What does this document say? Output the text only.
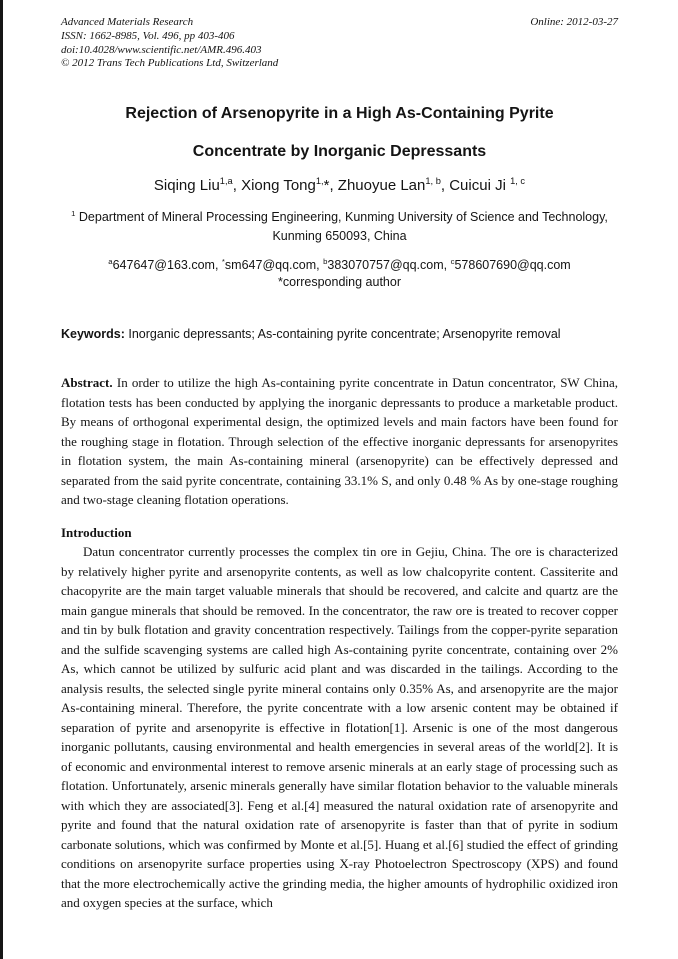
Advanced Materials Research
ISSN: 1662-8985, Vol. 496, pp 403-406
doi:10.4028/www.scientific.net/AMR.496.403
© 2012 Trans Tech Publications Ltd, Switzerland
Online: 2012-03-27
Rejection of Arsenopyrite in a High As-Containing Pyrite
Concentrate by Inorganic Depressants
Siqing Liu$^{1,a}$, Xiong Tong$^{1,}$*, Zhuoyue Lan$^{1, b}$, Cuicui Ji $^{1, c}$
$^1$ Department of Mineral Processing Engineering, Kunming University of Science and Technology,
Kunming 650093, China
$^a$647647@163.com, *sm647@qq.com, $^b$383070757@qq.com, $^c$578607690@qq.com
*corresponding author
Keywords: Inorganic depressants; As-containing pyrite concentrate; Arsenopyrite removal

Abstract. In order to utilize the high As-containing pyrite concentrate in Datun concentrator, SW China, flotation tests has been conducted by applying the inorganic depressants to produce a marketable product. By means of orthogonal experimental design, the optimized levels and main factors have been found for the roughing stage in flotation. Through selection of the effective inorganic depressants for arsenopyrites in flotation system, the main As-containing mineral (arsenopyrite) can be effectively depressed and separated from the said pyrite concentrate, containing 33.1% S, and only 0.48 % As by one-stage roughing and two-stage cleaning flotation operations.

Introduction

Datun concentrator currently processes the complex tin ore in Gejiu, China. The ore is characterized by relatively higher pyrite and arsenopyrite contents, as well as low chalcopyrite content. Cassiterite and chacopyrite are the main target valuable minerals that should be recovered, and calcite and quartz are the main gangue minerals that should be removed. In the concentrator, the raw ore is treated to recover copper and tin by bulk flotation and gravity concentration respectively. Tailings from the copper-pyrite separation and the sulfide scavenging systems are called high As-containing pyrite concentrate, containing over 2% As, which cannot be utilized by sulfuric acid plant and was discarded in the tailings. According to the analysis results, the selected single pyrite mineral contains only 0.35% As, and arsenopyrite are the major As-containing mineral. Therefore, the pyrite concentrate with a low arsenic content may be obtained if separation of pyrite and arsenopyrite is effective in flotation[1]. Arsenic is one of the most dangerous inorganic pollutants, causing environmental and health emergencies in several areas of the world[2]. It is of economic and environmental interest to remove arsenic minerals at an early stage of processing such as flotation. Unfortunately, arsenic minerals generally have similar flotation behavior to the valuable minerals with which they are associated[3]. Feng et al.[4] measured the natural oxidation rate of arsenopyrite and pyrite and found that the natural oxidation rate of arsenopyrite is faster than that of pyrite in sodium carbonate solutions, which was confirmed by Monte et al.[5]. Huang et al.[6] studied the effect of grinding conditions on arsenopyrite surface properties using X-ray Photoelectron Spectroscopy (XPS) and found that the more electrochemically active the grinding media, the higher amounts of hydrophilic oxidized iron and oxygen species at the surface, which
